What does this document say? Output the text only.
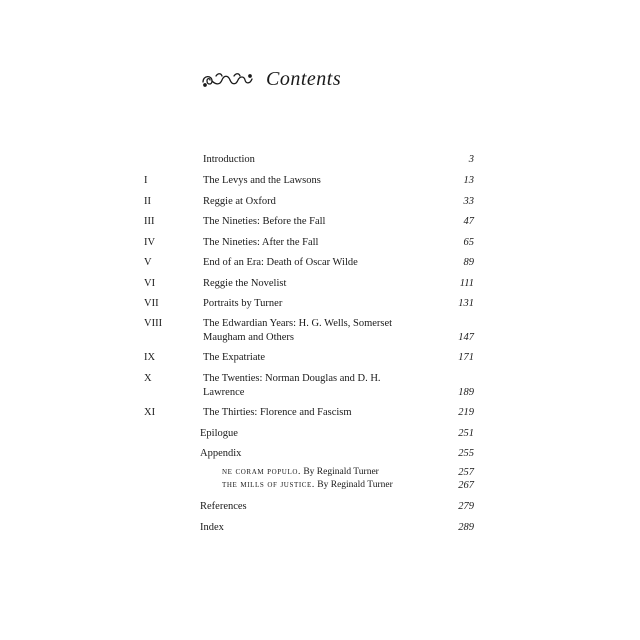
Contents
Introduction	3
I	The Levys and the Lawsons	13
II	Reggie at Oxford	33
III	The Nineties: Before the Fall	47
IV	The Nineties: After the Fall	65
V	End of an Era: Death of Oscar Wilde	89
VI	Reggie the Novelist	111
VII	Portraits by Turner	131
VIII	The Edwardian Years: H. G. Wells, Somerset
Maugham and Others	147
IX	The Expatriate	171
X	The Twenties: Norman Douglas and D. H.
Lawrence	189
XI	The Thirties: Florence and Fascism	219
Epilogue	251
Appendix	255
ne coram populo. By Reginald Turner	257
the mills of justice. By Reginald Turner	267
References	279
Index	289
